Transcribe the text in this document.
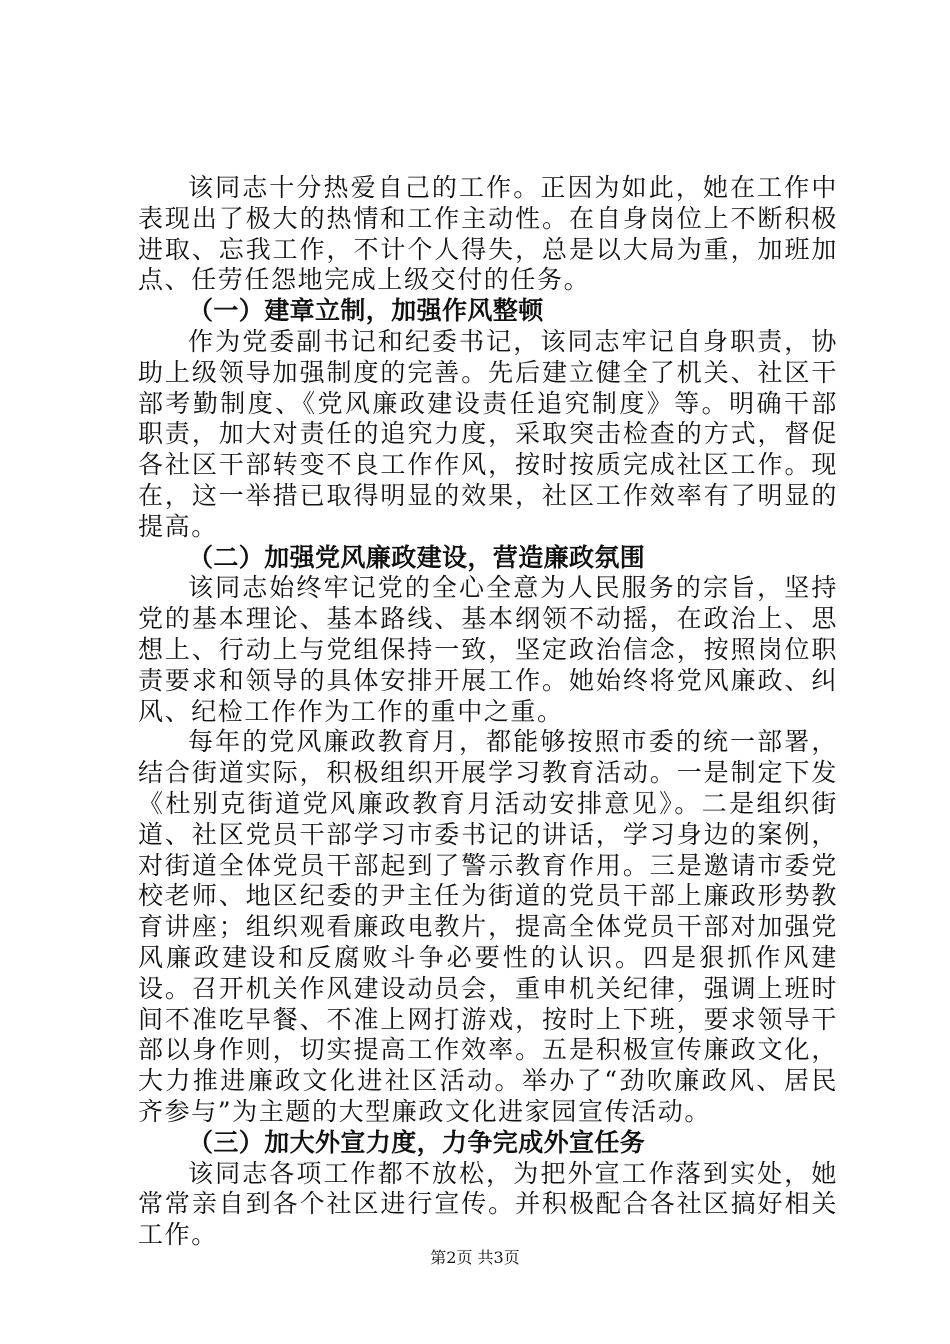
该同志十分热爱自己的工作。正因为如此，她在工作中表现出了极大的热情和工作主动性。在自身岗位上不断积极进取、忘我工作，不计个人得失，总是以大局为重，加班加点、任劳任怨地完成上级交付的任务。

（一）建章立制，加强作风整顿

作为党委副书记和纪委书记，该同志牢记自身职责，协助上级领导加强制度的完善。先后建立健全了机关、社区干部考勤制度、《党风廉政建设责任追究制度》等。明确干部职责，加大对责任的追究力度，采取突击检查的方式，督促各社区干部转变不良工作作风，按时按质完成社区工作。现在，这一举措已取得明显的效果，社区工作效率有了明显的提高。

（二）加强党风廉政建设，营造廉政氛围

该同志始终牢记党的全心全意为人民服务的宗旨，坚持党的基本理论、基本路线、基本纲领不动摇，在政治上、思想上、行动上与党组保持一致，坚定政治信念，按照岗位职责要求和领导的具体安排开展工作。她始终将党风廉政、纠风、纪检工作作为工作的重中之重。

每年的党风廉政教育月，都能够按照市委的统一部署，结合街道实际，积极组织开展学习教育活动。一是制定下发《杜别克街道党风廉政教育月活动安排意见》。二是组织街道、社区党员干部学习市委书记的讲话，学习身边的案例，对街道全体党员干部起到了警示教育作用。三是邀请市委党校老师、地区纪委的尹主任为街道的党员干部上廉政形势教育讲座；组织观看廉政电教片，提高全体党员干部对加强党风廉政建设和反腐败斗争必要性的认识。四是狠抓作风建设。召开机关作风建设动员会，重申机关纪律，强调上班时间不准吃早餐、不准上网打游戏，按时上下班，要求领导干部以身作则，切实提高工作效率。五是积极宣传廉政文化，大力推进廉政文化进社区活动。举办了“劲吹廉政风、居民齐参与”为主题的大型廉政文化进家园宣传活动。

（三）加大外宣力度，力争完成外宣任务

该同志各项工作都不放松，为把外宣工作落到实处，她常常亲自到各个社区进行宣传。并积极配合各社区搞好相关工作。

第2页 共3页
